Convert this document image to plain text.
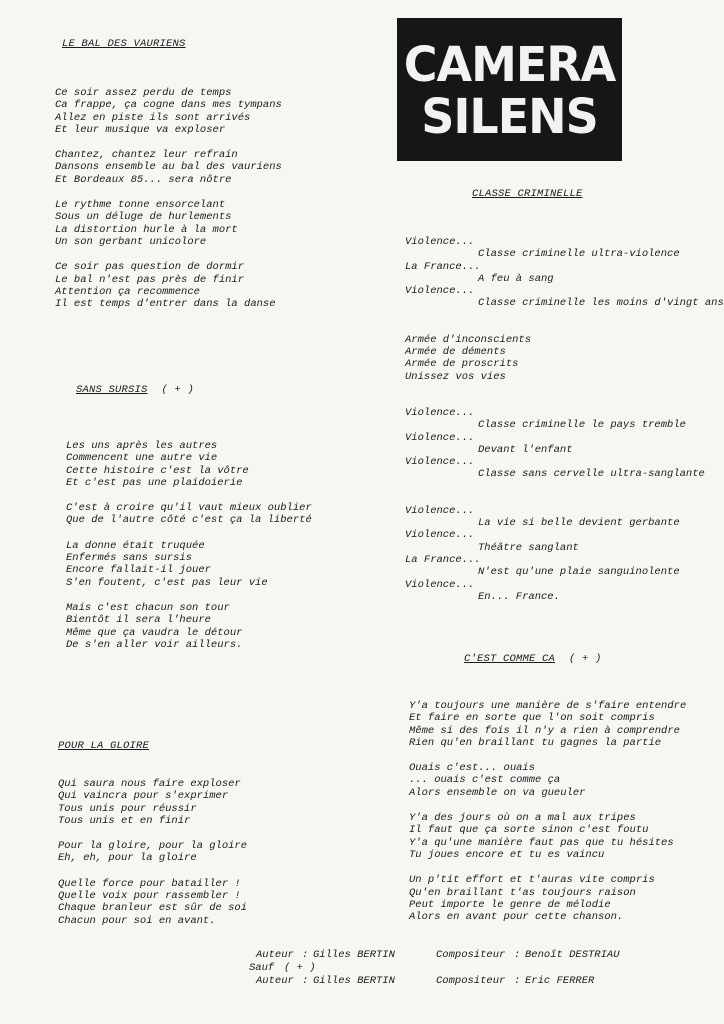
CAMERA
SILENS
LE BAL DES VAURIENS
Ce soir assez perdu de temps
Ca frappe, ça cogne dans mes tympans
Allez en piste ils sont arrivés
Et leur musique va exploser
Chantez, chantez leur refrain
Dansons ensemble au bal des vauriens
Et Bordeaux 85... sera nôtre
Le rythme tonne ensorcelant
Sous un déluge de hurlements
La distortion hurle à la mort
Un son gerbant unicolore
Ce soir pas question de dormir
Le bal n'est pas près de finir
Attention ça recommence
Il est temps d'entrer dans la danse
SANS SURSIS ( + )
Les uns après les autres
Commencent une autre vie
Cette histoire c'est la vôtre
Et c'est pas une plaidoierie
C'est à croire qu'il vaut mieux oublier
Que de l'autre côté c'est ça la liberté
La donne était truquée
Enfermés sans sursis
Encore fallait-il jouer
S'en foutent, c'est pas leur vie
Mais c'est chacun son tour
Bientôt il sera l'heure
Même que ça vaudra le détour
De s'en aller voir ailleurs.
POUR LA GLOIRE
Qui saura nous faire exploser
Qui vaincra pour s'exprimer
Tous unis pour réussir
Tous unis et en finir
Pour la gloire, pour la gloire
Eh, eh, pour la gloire
Quelle force pour batailler !
Quelle voix pour rassembler !
Chaque branleur est sûr de soi
Chacun pour soi en avant.
CLASSE CRIMINELLE
Violence...
Classe criminelle ultra-violence
La France...
A feu à sang
Violence...
Classe criminelle les moins d'vingt ans
Armée d'inconscients
Armée de déments
Armée de proscrits
Unissez vos vies
Violence...
Classe criminelle le pays tremble
Violence...
Devant l'enfant
Violence...
Classe sans cervelle ultra-sanglante
Violence...
La vie si belle devient gerbante
Violence...
Théâtre sanglant
La France...
N'est qu'une plaie sanguinolente
Violence...
En... France.
C'EST COMME CA ( + )
Y'a toujours une manière de s'faire entendre
Et faire en sorte que l'on soit compris
Même si des fois il n'y a rien à comprendre
Rien qu'en braillant tu gagnes la partie
Ouais c'est... ouais
... ouais c'est comme ça
Alors ensemble on va gueuler
Y'a des jours où on a mal aux tripes
Il faut que ça sorte sinon c'est foutu
Y'a qu'une manière faut pas que tu hésites
Tu joues encore et tu es vaincu
Un p'tit effort et t'auras vite compris
Qu'en braillant t'as toujours raison
Peut importe le genre de mélodie
Alors en avant pour cette chanson.
Auteur : Gilles BERTIN	Compositeur : Benoît DESTRIAU
Sauf ( + )
Auteur : Gilles BERTIN	Compositeur : Eric FERRER
